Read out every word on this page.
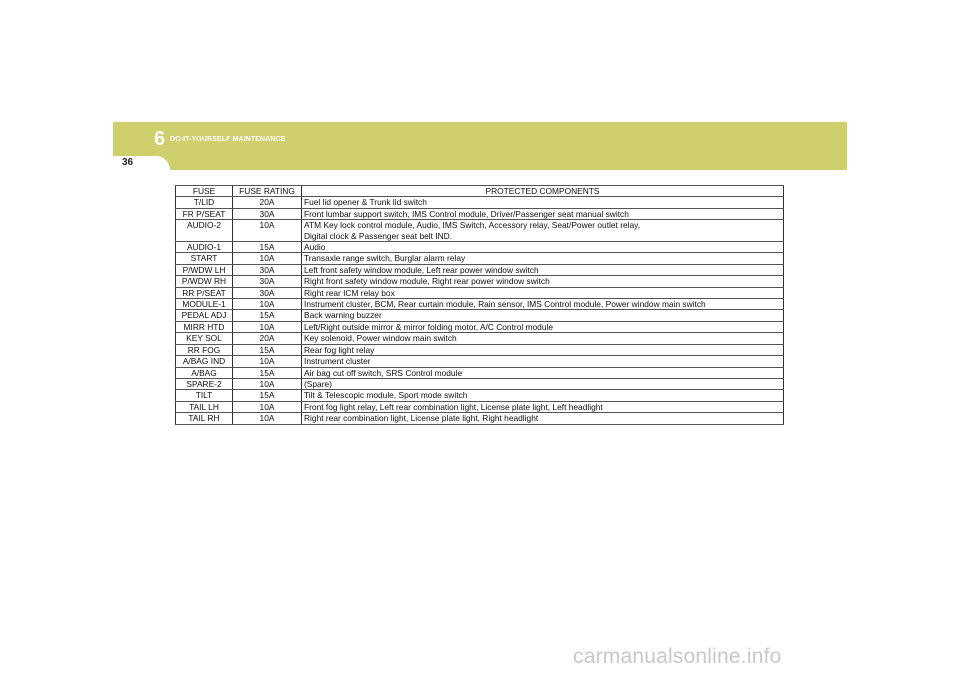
6 DO-IT-YOURSELF MAINTENANCE
36
FUSE	FUSE RATING	PROTECTED COMPONENTS
T/LID	20A	Fuel lid opener & Trunk lid switch

FR P/SEAT	30A	Front lumbar support switch, IMS Control module, Driver/Passenger seat manual switch

AUDIO-2	10A	ATM Key lock control module, Audio, IMS Switch, Accessory relay, Seat/Power outlet relay,
Digital clock & Passenger seat belt IND.

AUDIO-1	15A	Audio

START	10A	Transaxle range switch, Burglar alarm relay

P/WDW LH	30A	Left front safety window module, Left rear power window switch

P/WDW RH	30A	Right front safety window module, Right rear power window switch

RR P/SEAT	30A	Right rear ICM relay box

MODULE-1	10A	Instrument cluster, BCM, Rear curtain module, Rain sensor, IMS Control module, Power window main switch

PEDAL ADJ	15A	Back warning buzzer

MIRR HTD	10A	Left/Right outside mirror & mirror folding motor, A/C Control module

KEY SOL	20A	Key solenoid, Power window main switch

RR FOG	15A	Rear fog light relay

A/BAG IND	10A	Instrument cluster

A/BAG	15A	Air bag cut off switch, SRS Control module

SPARE-2	10A	(Spare)

TILT	15A	Tilt & Telescopic module, Sport mode switch

TAIL LH	10A	Front fog light relay, Left rear combination light, License plate light, Left headlight

TAIL RH	10A	Right rear combination light, License plate light, Right headlight
carmanualsonline.info
